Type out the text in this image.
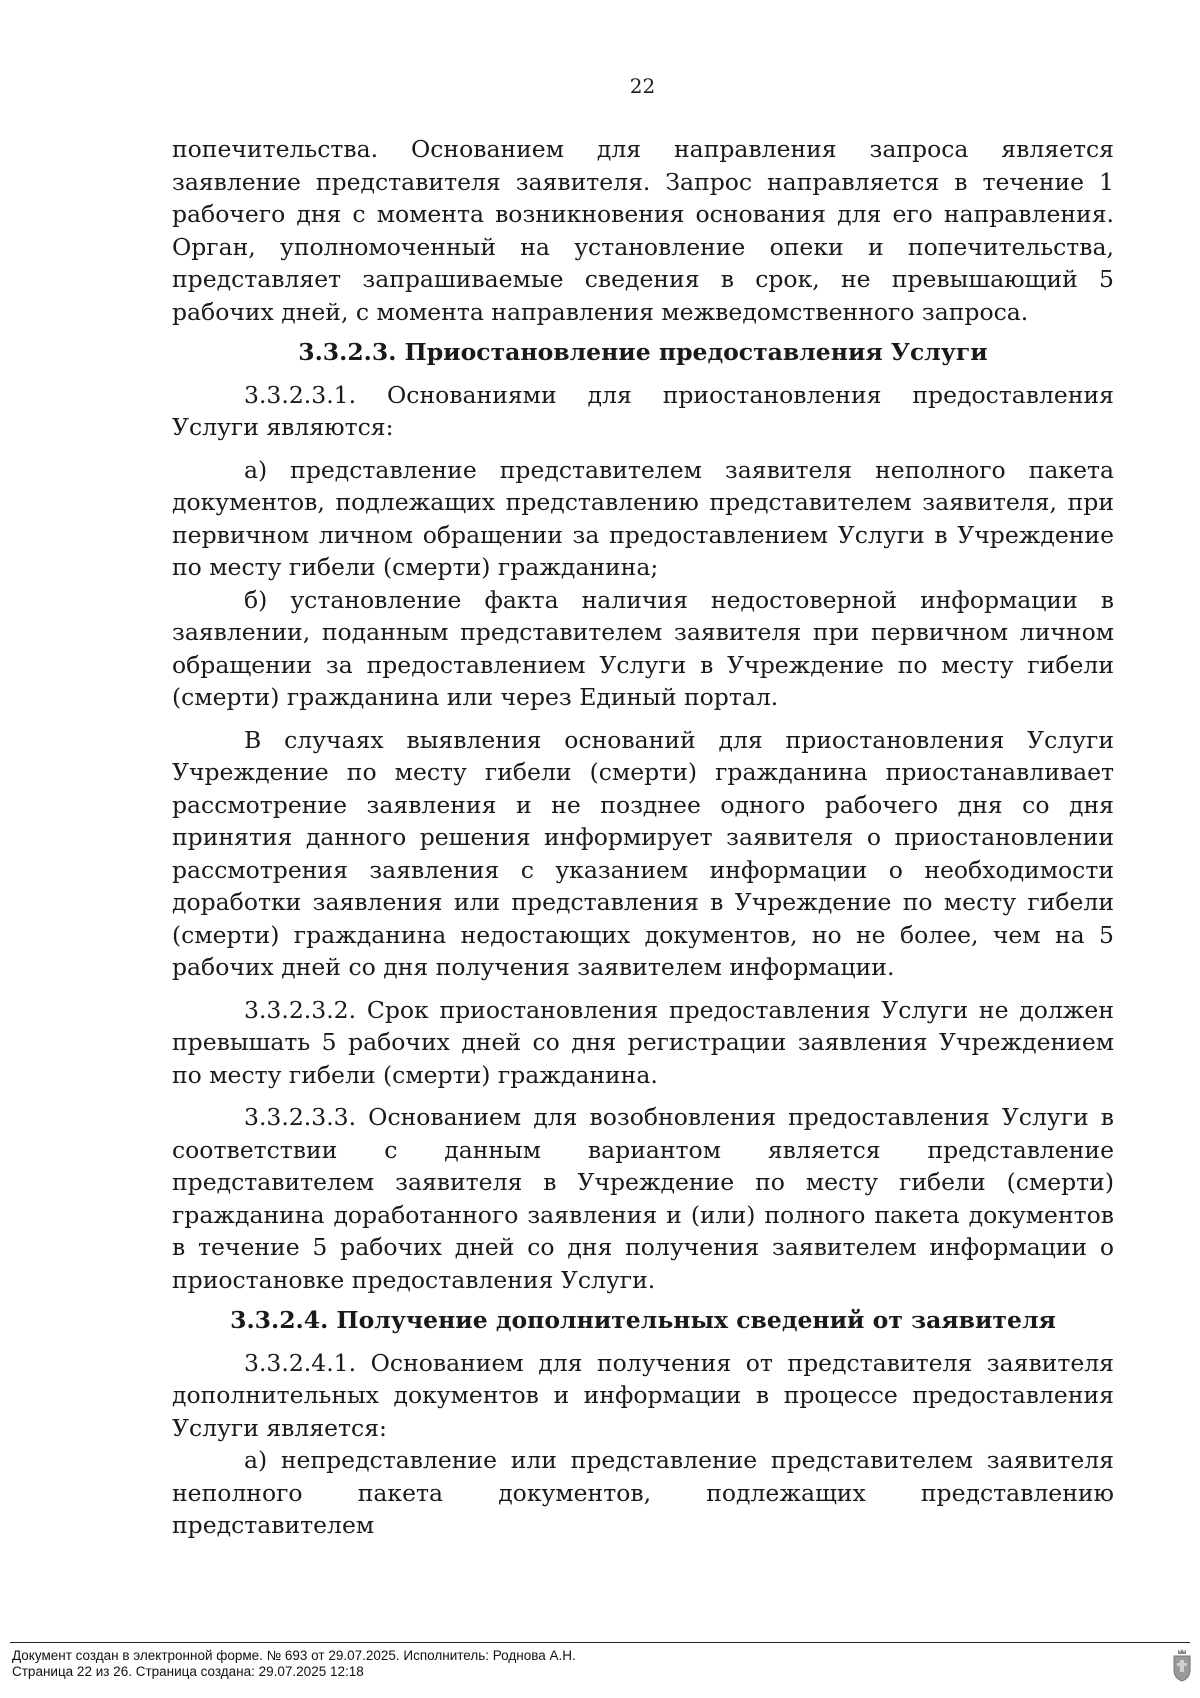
22

попечительства. Основанием для направления запроса является заявление представителя заявителя. Запрос направляется в течение 1 рабочего дня с момента возникновения основания для его направления. Орган, уполномоченный на установление опеки и попечительства, представляет запрашиваемые сведения в срок, не превышающий 5 рабочих дней, с момента направления межведомственного запроса.

3.3.2.3. Приостановление предоставления Услуги

3.3.2.3.1. Основаниями для приостановления предоставления Услуги являются:

а) представление представителем заявителя неполного пакета документов, подлежащих представлению представителем заявителя, при первичном личном обращении за предоставлением Услуги в Учреждение по месту гибели (смерти) гражданина;

б) установление факта наличия недостоверной информации в заявлении, поданным представителем заявителя при первичном личном обращении за предоставлением Услуги в Учреждение по месту гибели (смерти) гражданина или через Единый портал.

В случаях выявления оснований для приостановления Услуги Учреждение по месту гибели (смерти) гражданина приостанавливает рассмотрение заявления и не позднее одного рабочего дня со дня принятия данного решения информирует заявителя о приостановлении рассмотрения заявления с указанием информации о необходимости доработки заявления или представления в Учреждение по месту гибели (смерти) гражданина недостающих документов, но не более, чем на 5 рабочих дней со дня получения заявителем информации.

3.3.2.3.2. Срок приостановления предоставления Услуги не должен превышать 5 рабочих дней со дня регистрации заявления Учреждением по месту гибели (смерти) гражданина.

3.3.2.3.3. Основанием для возобновления предоставления Услуги в соответствии с данным вариантом является представление представителем заявителя в Учреждение по месту гибели (смерти) гражданина доработанного заявления и (или) полного пакета документов в течение 5 рабочих дней со дня получения заявителем информации о приостановке предоставления Услуги.

3.3.2.4. Получение дополнительных сведений от заявителя

3.3.2.4.1. Основанием для получения от представителя заявителя дополнительных документов и информации в процессе предоставления Услуги является:

а) непредставление или представление представителем заявителя неполного пакета документов, подлежащих представлению представителем

Документ создан в электронной форме. № 693 от 29.07.2025. Исполнитель: Роднова А.Н.
Страница 22 из 26. Страница создана: 29.07.2025 12:18
